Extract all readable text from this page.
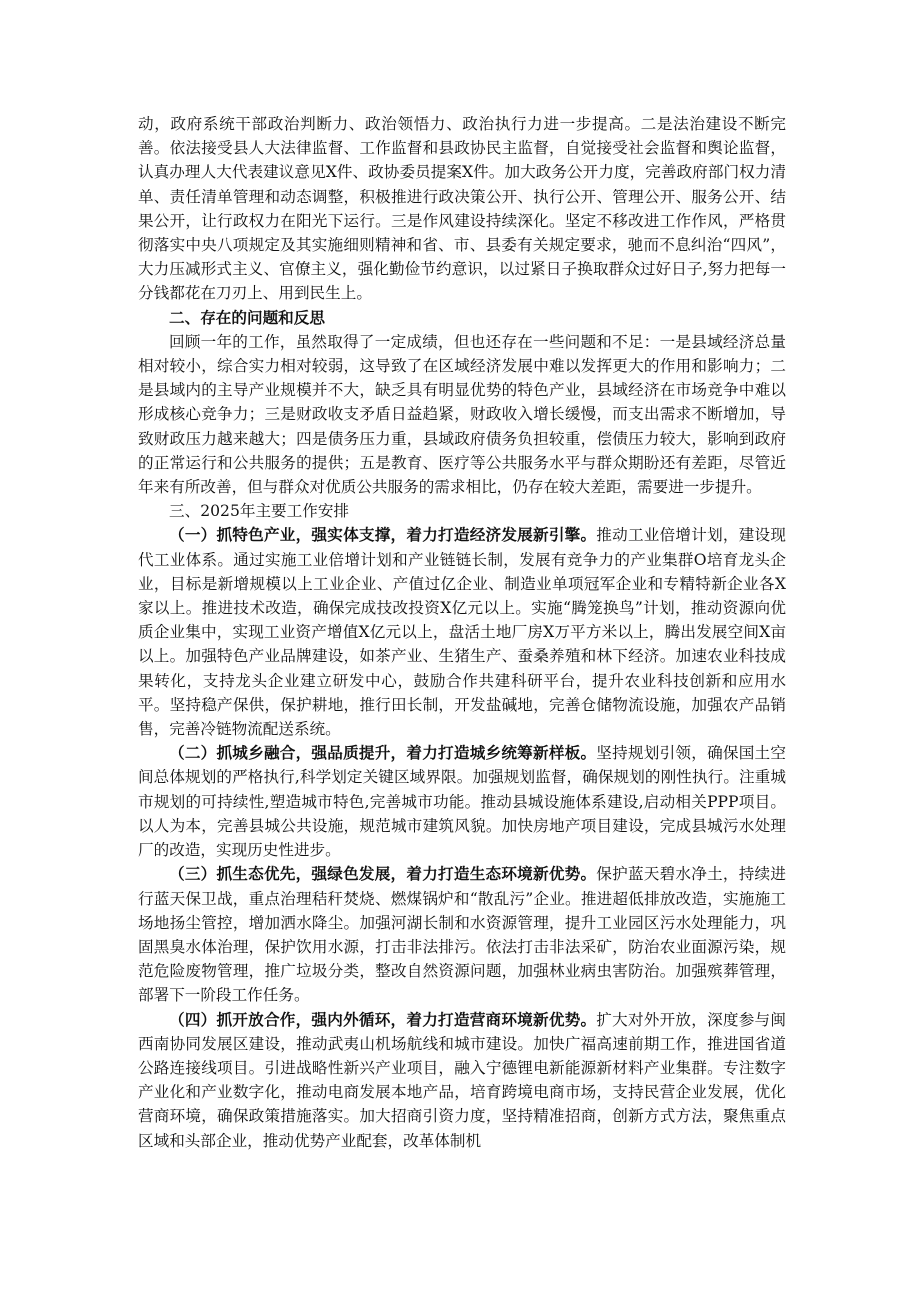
动，政府系统干部政治判断力、政治领悟力、政治执行力进一步提高。二是法治建设不断完善。依法接受县人大法律监督、工作监督和县政协民主监督，自觉接受社会监督和舆论监督，认真办理人大代表建议意见X件、政协委员提案X件。加大政务公开力度，完善政府部门权力清单、责任清单管理和动态调整，积极推进行政决策公开、执行公开、管理公开、服务公开、结果公开，让行政权力在阳光下运行。三是作风建设持续深化。坚定不移改进工作作风，严格贯彻落实中央八项规定及其实施细则精神和省、市、县委有关规定要求，驰而不息纠治“四风”，大力压减形式主义、官僚主义，强化勤俭节约意识，以过紧日子换取群众过好日子,努力把每一分钱都花在刀刃上、用到民生上。

二、存在的问题和反思

回顾一年的工作，虽然取得了一定成绩，但也还存在一些问题和不足：一是县域经济总量相对较小，综合实力相对较弱，这导致了在区域经济发展中难以发挥更大的作用和影响力；二是县域内的主导产业规模并不大，缺乏具有明显优势的特色产业，县域经济在市场竞争中难以形成核心竞争力；三是财政收支矛盾日益趋紧，财政收入增长缓慢，而支出需求不断增加，导致财政压力越来越大；四是债务压力重，县域政府债务负担较重，偿债压力较大，影响到政府的正常运行和公共服务的提供；五是教育、医疗等公共服务水平与群众期盼还有差距，尽管近年来有所改善，但与群众对优质公共服务的需求相比，仍存在较大差距，需要进一步提升。

三、2025年主要工作安排

（一）抓特色产业，强实体支撑，着力打造经济发展新引擎。推动工业倍增计划，建设现代工业体系。通过实施工业倍增计划和产业链链长制，发展有竞争力的产业集群O培育龙头企业，目标是新增规模以上工业企业、产值过亿企业、制造业单项冠军企业和专精特新企业各X家以上。推进技术改造，确保完成技改投资X亿元以上。实施“腾笼换鸟”计划，推动资源向优质企业集中，实现工业资产增值X亿元以上，盘活土地厂房X万平方米以上，腾出发展空间X亩以上。加强特色产业品牌建设，如茶产业、生猪生产、蚕桑养殖和林下经济。加速农业科技成果转化，支持龙头企业建立研发中心，鼓励合作共建科研平台，提升农业科技创新和应用水平。坚持稳产保供，保护耕地，推行田长制，开发盐碱地，完善仓储物流设施，加强农产品销售，完善冷链物流配送系统。

（二）抓城乡融合，强品质提升，着力打造城乡统筹新样板。坚持规划引领，确保国土空间总体规划的严格执行,科学划定关键区域界限。加强规划监督，确保规划的刚性执行。注重城市规划的可持续性,塑造城市特色,完善城市功能。推动县城设施体系建设,启动相关PPP项目。以人为本，完善县城公共设施，规范城市建筑风貌。加快房地产项目建设，完成县城污水处理厂的改造，实现历史性进步。

（三）抓生态优先，强绿色发展，着力打造生态环境新优势。保护蓝天碧水净土，持续进行蓝天保卫战，重点治理秸秆焚烧、燃煤锅炉和“散乱污”企业。推进超低排放改造，实施施工场地扬尘管控，增加洒水降尘。加强河湖长制和水资源管理，提升工业园区污水处理能力，巩固黑臭水体治理，保护饮用水源，打击非法排污。依法打击非法采矿，防治农业面源污染，规范危险废物管理，推广垃圾分类，整改自然资源问题，加强林业病虫害防治。加强殡葬管理，部署下一阶段工作任务。

（四）抓开放合作，强内外循环，着力打造营商环境新优势。扩大对外开放，深度参与闽西南协同发展区建设，推动武夷山机场航线和城市建设。加快广福高速前期工作，推进国省道公路连接线项目。引进战略性新兴产业项目，融入宁德锂电新能源新材料产业集群。专注数字产业化和产业数字化，推动电商发展本地产品，培育跨境电商市场，支持民营企业发展，优化营商环境，确保政策措施落实。加大招商引资力度，坚持精准招商，创新方式方法，聚焦重点区域和头部企业，推动优势产业配套，改革体制机
